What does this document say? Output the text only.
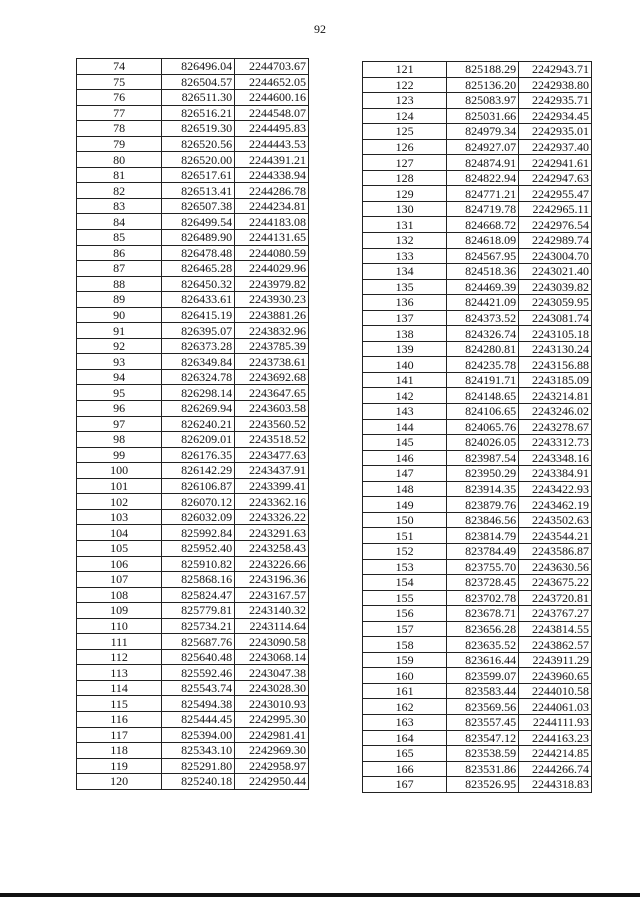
92
74	826496.04	2244703.67
75	826504.57	2244652.05
76	826511.30	2244600.16
77	826516.21	2244548.07
78	826519.30	2244495.83
79	826520.56	2244443.53
80	826520.00	2244391.21
81	826517.61	2244338.94
82	826513.41	2244286.78
83	826507.38	2244234.81
84	826499.54	2244183.08
85	826489.90	2244131.65
86	826478.48	2244080.59
87	826465.28	2244029.96
88	826450.32	2243979.82
89	826433.61	2243930.23
90	826415.19	2243881.26
91	826395.07	2243832.96
92	826373.28	2243785.39
93	826349.84	2243738.61
94	826324.78	2243692.68
95	826298.14	2243647.65
96	826269.94	2243603.58
97	826240.21	2243560.52
98	826209.01	2243518.52
99	826176.35	2243477.63
100	826142.29	2243437.91
101	826106.87	2243399.41
102	826070.12	2243362.16
103	826032.09	2243326.22
104	825992.84	2243291.63
105	825952.40	2243258.43
106	825910.82	2243226.66
107	825868.16	2243196.36
108	825824.47	2243167.57
109	825779.81	2243140.32
110	825734.21	2243114.64
111	825687.76	2243090.58
112	825640.48	2243068.14
113	825592.46	2243047.38
114	825543.74	2243028.30
115	825494.38	2243010.93
116	825444.45	2242995.30
117	825394.00	2242981.41
118	825343.10	2242969.30
119	825291.80	2242958.97
120	825240.18	2242950.44
121	825188.29	2242943.71
122	825136.20	2242938.80
123	825083.97	2242935.71
124	825031.66	2242934.45
125	824979.34	2242935.01
126	824927.07	2242937.40
127	824874.91	2242941.61
128	824822.94	2242947.63
129	824771.21	2242955.47
130	824719.78	2242965.11
131	824668.72	2242976.54
132	824618.09	2242989.74
133	824567.95	2243004.70
134	824518.36	2243021.40
135	824469.39	2243039.82
136	824421.09	2243059.95
137	824373.52	2243081.74
138	824326.74	2243105.18
139	824280.81	2243130.24
140	824235.78	2243156.88
141	824191.71	2243185.09
142	824148.65	2243214.81
143	824106.65	2243246.02
144	824065.76	2243278.67
145	824026.05	2243312.73
146	823987.54	2243348.16
147	823950.29	2243384.91
148	823914.35	2243422.93
149	823879.76	2243462.19
150	823846.56	2243502.63
151	823814.79	2243544.21
152	823784.49	2243586.87
153	823755.70	2243630.56
154	823728.45	2243675.22
155	823702.78	2243720.81
156	823678.71	2243767.27
157	823656.28	2243814.55
158	823635.52	2243862.57
159	823616.44	2243911.29
160	823599.07	2243960.65
161	823583.44	2244010.58
162	823569.56	2244061.03
163	823557.45	2244111.93
164	823547.12	2244163.23
165	823538.59	2244214.85
166	823531.86	2244266.74
167	823526.95	2244318.83
